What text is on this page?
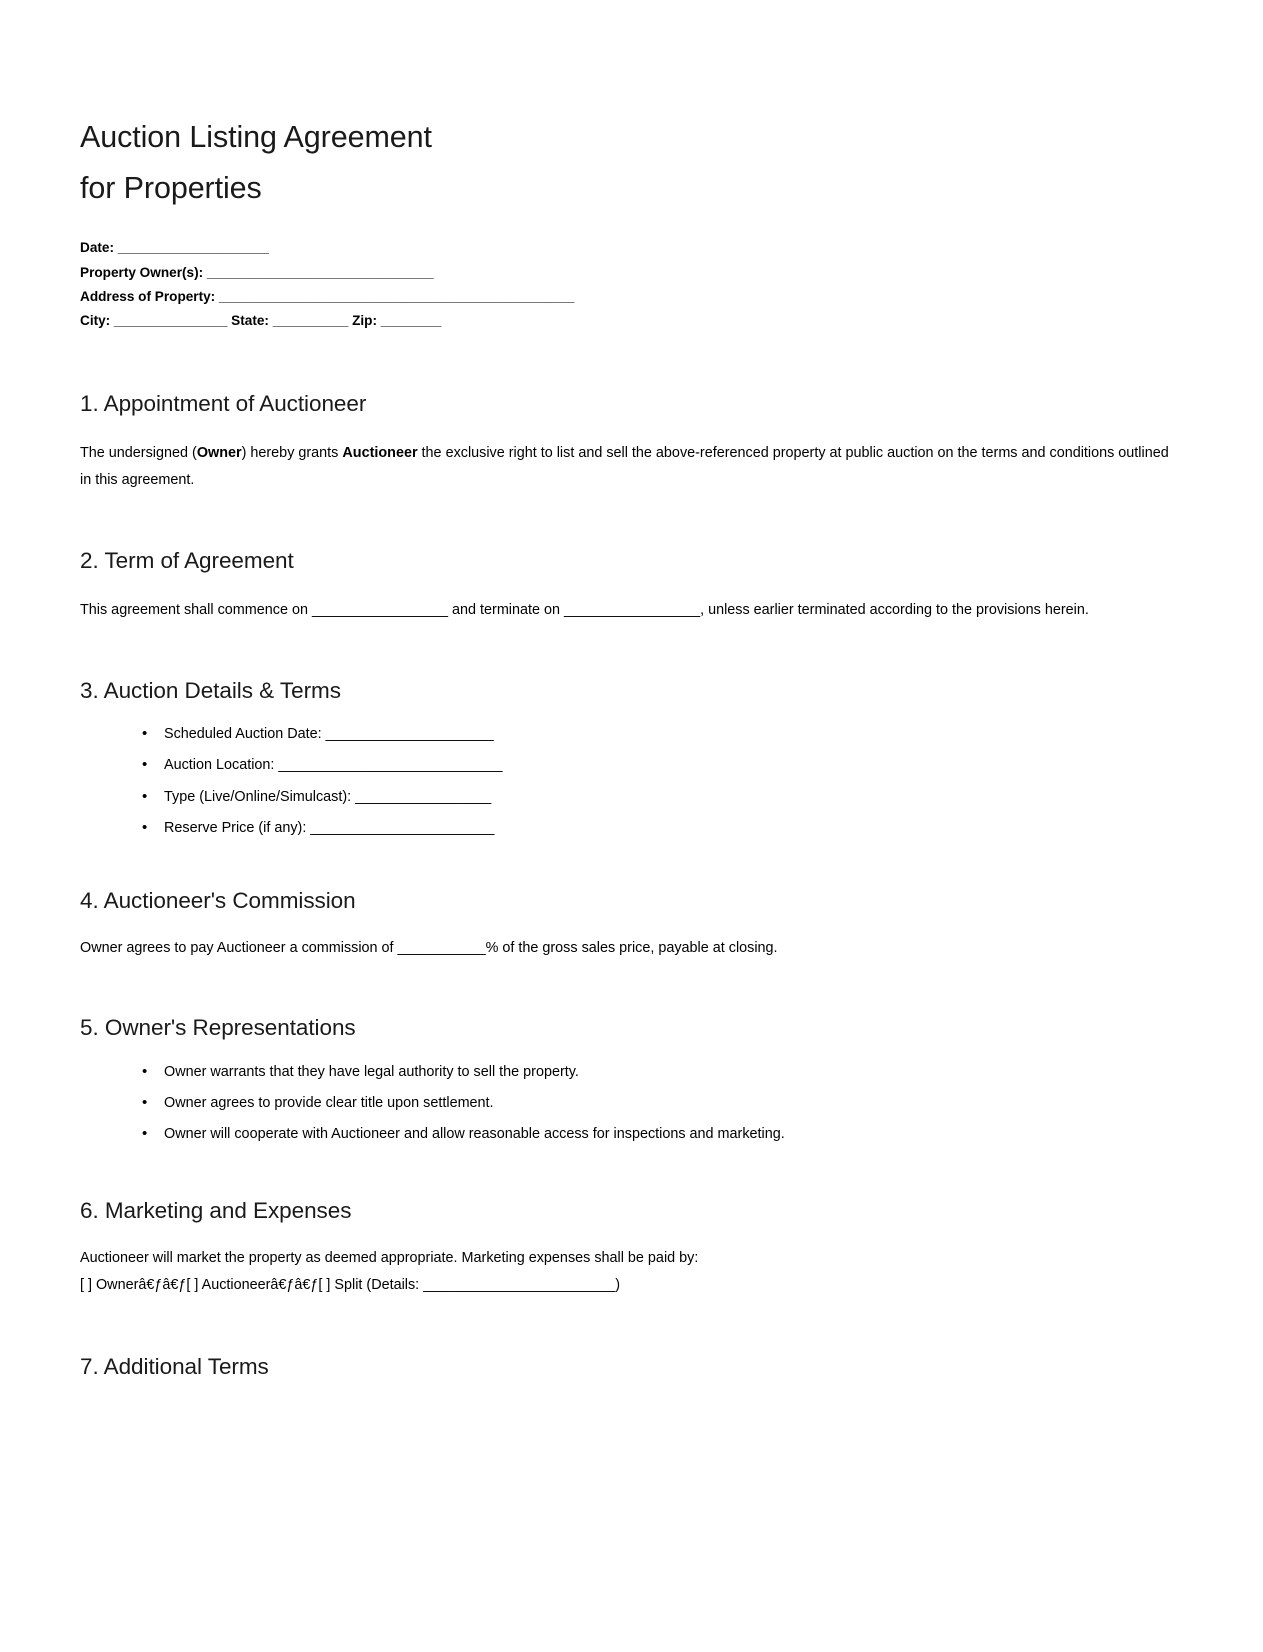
Auction Listing Agreement
for Properties
Date: ____________________
Property Owner(s): ______________________________
Address of Property: _______________________________________________
City: _______________ State: __________ Zip: ________
1. Appointment of Auctioneer

The undersigned (Owner) hereby grants Auctioneer the exclusive right to list and sell the above-referenced property at public auction on the terms and conditions outlined in this agreement.

2. Term of Agreement

This agreement shall commence on _________________ and terminate on _________________, unless earlier terminated according to the provisions herein.

3. Auction Details & Terms
• Scheduled Auction Date: _____________________
• Auction Location: ____________________________
• Type (Live/Online/Simulcast): _________________
• Reserve Price (if any): _______________________
4. Auctioneer's Commission

Owner agrees to pay Auctioneer a commission of ___________% of the gross sales price, payable at closing.

5. Owner's Representations
• Owner warrants that they have legal authority to sell the property.
• Owner agrees to provide clear title upon settlement.
• Owner will cooperate with Auctioneer and allow reasonable access for inspections and marketing.
6. Marketing and Expenses

Auctioneer will market the property as deemed appropriate. Marketing expenses shall be paid by:

[ ] Ownerâ€ƒâ€ƒ[ ] Auctioneerâ€ƒâ€ƒ[ ] Split (Details: ________________________)

7. Additional Terms
